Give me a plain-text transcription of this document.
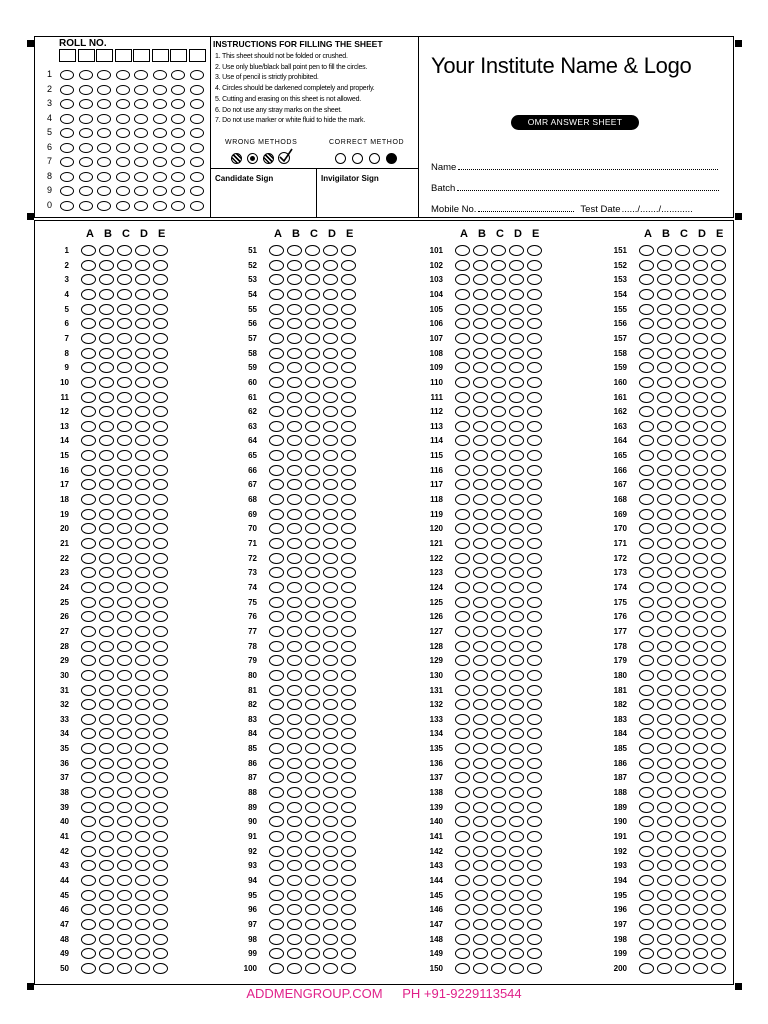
ROLL NO.
1
2
3
4
5
6
7
8
9
0
INSTRUCTIONS FOR FILLING THE SHEET
1. This sheet should not be folded or crushed.
2. Use only blue/black ball point pen to fill the circles.
3. Use of pencil is strictly prohibited.
4. Circles should be darkened completely and properly.
5. Cutting and erasing on this sheet is not allowed.
6. Do not use any stray marks on the sheet.
7. Do not use marker or white fluid to hide the mark.
WRONG METHODS	CORRECT METHOD
Candidate Sign	Invigilator Sign
Your Institute Name & Logo
OMR ANSWER SHEET
Name
Batch
Mobile No.	Test Date ....../......./............
A B C D E
1
2
3
4
5
6
7
8
9
10
11
12
13
14
15
16
17
18
19
20
21
22
23
24
25
26
27
28
29
30
31
32
33
34
35
36
37
38
39
40
41
42
43
44
45
46
47
48
49
50
A B C D E
51
52
53
54
55
56
57
58
59
60
61
62
63
64
65
66
67
68
69
70
71
72
73
74
75
76
77
78
79
80
81
82
83
84
85
86
87
88
89
90
91
92
93
94
95
96
97
98
99
100
A B C D E
101
102
103
104
105
106
107
108
109
110
111
112
113
114
115
116
117
118
119
120
121
122
123
124
125
126
127
128
129
130
131
132
133
134
135
136
137
138
139
140
141
142
143
144
145
146
147
148
149
150
A B C D E
151
152
153
154
155
156
157
158
159
160
161
162
163
164
165
166
167
168
169
170
171
172
173
174
175
176
177
178
179
180
181
182
183
184
185
186
187
188
189
190
191
192
193
194
195
196
197
198
199
200
ADDMENGROUP.COM PH +91-9229113544
